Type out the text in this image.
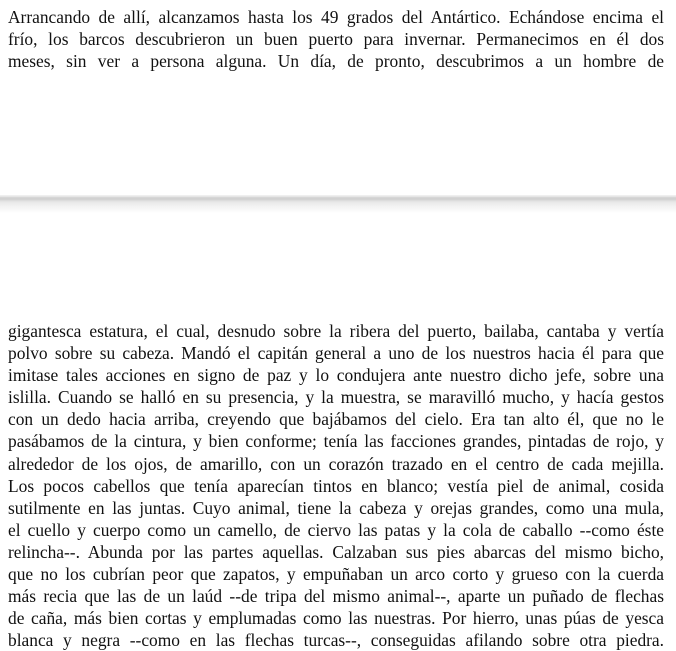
Arrancando de allí, alcanzamos hasta los 49 grados del Antártico. Echándose encima el
frío, los barcos descubrieron un buen puerto para invernar. Permanecimos en él dos
meses, sin ver a persona alguna. Un día, de pronto, descubrimos a un hombre de
gigantesca estatura, el cual, desnudo sobre la ribera del puerto, bailaba, cantaba y vertía
polvo sobre su cabeza. Mandó el capitán general a uno de los nuestros hacia él para que
imitase tales acciones en signo de paz y lo condujera ante nuestro dicho jefe, sobre una
islilla. Cuando se halló en su presencia, y la muestra, se maravilló mucho, y hacía gestos
con un dedo hacia arriba, creyendo que bajábamos del cielo. Era tan alto él, que no le
pasábamos de la cintura, y bien conforme; tenía las facciones grandes, pintadas de rojo, y
alrededor de los ojos, de amarillo, con un corazón trazado en el centro de cada mejilla.
Los pocos cabellos que tenía aparecían tintos en blanco; vestía piel de animal, cosida
sutilmente en las juntas. Cuyo animal, tiene la cabeza y orejas grandes, como una mula,
el cuello y cuerpo como un camello, de ciervo las patas y la cola de caballo --como éste
relincha--. Abunda por las partes aquellas. Calzaban sus pies abarcas del mismo bicho,
que no los cubrían peor que zapatos, y empuñaban un arco corto y grueso con la cuerda
más recia que las de un laúd --de tripa del mismo animal--, aparte un puñado de flechas
de caña, más bien cortas y emplumadas como las nuestras. Por hierro, unas púas de yesca
blanca y negra --como en las flechas turcas--, conseguidas afilando sobre otra piedra.
